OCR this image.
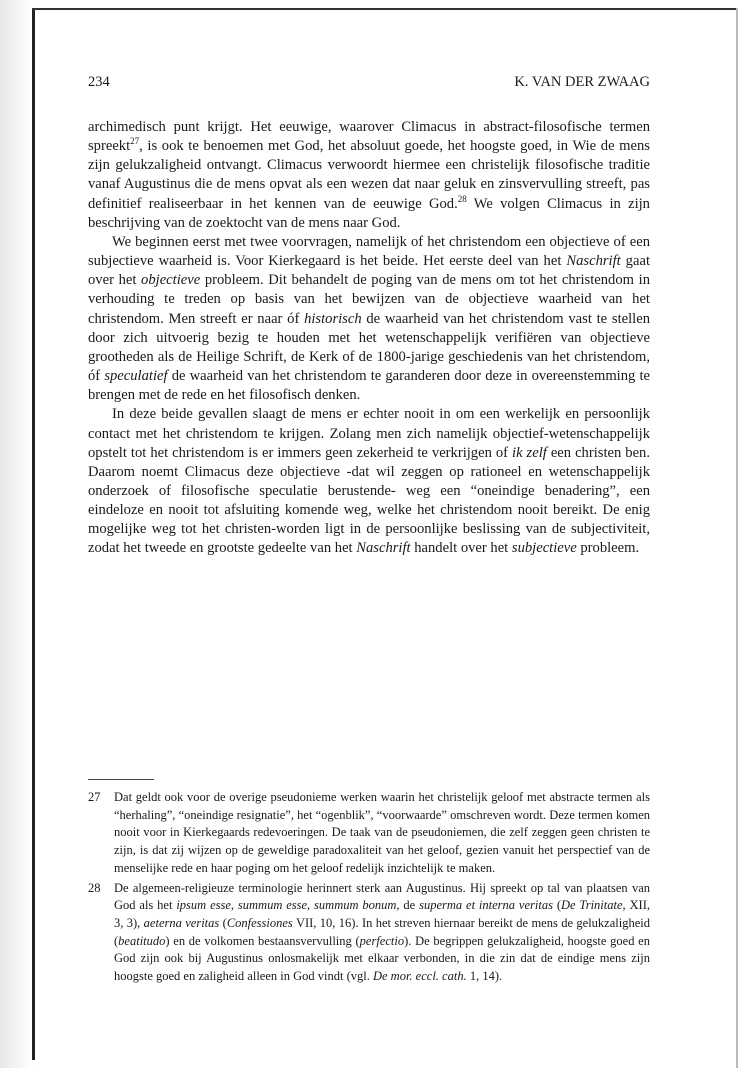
234	K. VAN DER ZWAAG

archimedisch punt krijgt. Het eeuwige, waarover Climacus in abstract-filosofische termen spreekt$^{27}$, is ook te benoemen met God, het absoluut goede, het hoogste goed, in Wie de mens zijn gelukzaligheid ontvangt. Climacus verwoordt hiermee een christelijk filosofische traditie vanaf Augustinus die de mens opvat als een wezen dat naar geluk en zinsvervulling streeft, pas definitief realiseerbaar in het kennen van de eeuwige God.$^{28}$ We volgen Climacus in zijn beschrijving van de zoektocht van de mens naar God.

We beginnen eerst met twee voorvragen, namelijk of het christendom een objectieve of een subjectieve waarheid is. Voor Kierkegaard is het beide. Het eerste deel van het Naschrift gaat over het objectieve probleem. Dit behandelt de poging van de mens om tot het christendom in verhouding te treden op basis van het bewijzen van de objectieve waarheid van het christendom. Men streeft er naar óf historisch de waarheid van het christendom vast te stellen door zich uitvoerig bezig te houden met het wetenschappelijk verifiëren van objectieve grootheden als de Heilige Schrift, de Kerk of de 1800-jarige geschiedenis van het christendom, óf speculatief de waarheid van het christendom te garanderen door deze in overeenstemming te brengen met de rede en het filosofisch denken.

In deze beide gevallen slaagt de mens er echter nooit in om een werkelijk en persoonlijk contact met het christendom te krijgen. Zolang men zich namelijk objectief-wetenschappelijk opstelt tot het christendom is er immers geen zekerheid te verkrijgen of ik zelf een christen ben. Daarom noemt Climacus deze objectieve -dat wil zeggen op rationeel en wetenschappelijk onderzoek of filosofische speculatie berustende- weg een “oneindige benadering”, een eindeloze en nooit tot afsluiting komende weg, welke het christendom nooit bereikt. De enig mogelijke weg tot het christen-worden ligt in de persoonlijke beslissing van de subjectiviteit, zodat het tweede en grootste gedeelte van het Naschrift handelt over het subjectieve probleem.

27	Dat geldt ook voor de overige pseudonieme werken waarin het christelijk geloof met abstracte termen als “herhaling”, “oneindige resignatie”, het “ogenblik”, “voorwaarde” omschreven wordt. Deze termen komen nooit voor in Kierkegaards redevoeringen. De taak van de pseudoniemen, die zelf zeggen geen christen te zijn, is dat zij wijzen op de geweldige paradoxaliteit van het geloof, gezien vanuit het perspectief van de menselijke rede en haar poging om het geloof redelijk inzichtelijk te maken.
28	De algemeen-religieuze terminologie herinnert sterk aan Augustinus. Hij spreekt op tal van plaatsen van God als het ipsum esse, summum esse, summum bonum, de superma et interna veritas (De Trinitate, XII, 3, 3), aeterna veritas (Confessiones VII, 10, 16). In het streven hiernaar bereikt de mens de gelukzaligheid (beatitudo) en de volkomen bestaansvervulling (perfectio). De begrippen gelukzaligheid, hoogste goed en God zijn ook bij Augustinus onlosmakelijk met elkaar verbonden, in die zin dat de eindige mens zijn hoogste goed en zaligheid alleen in God vindt (vgl. De mor. eccl. cath. 1, 14).
